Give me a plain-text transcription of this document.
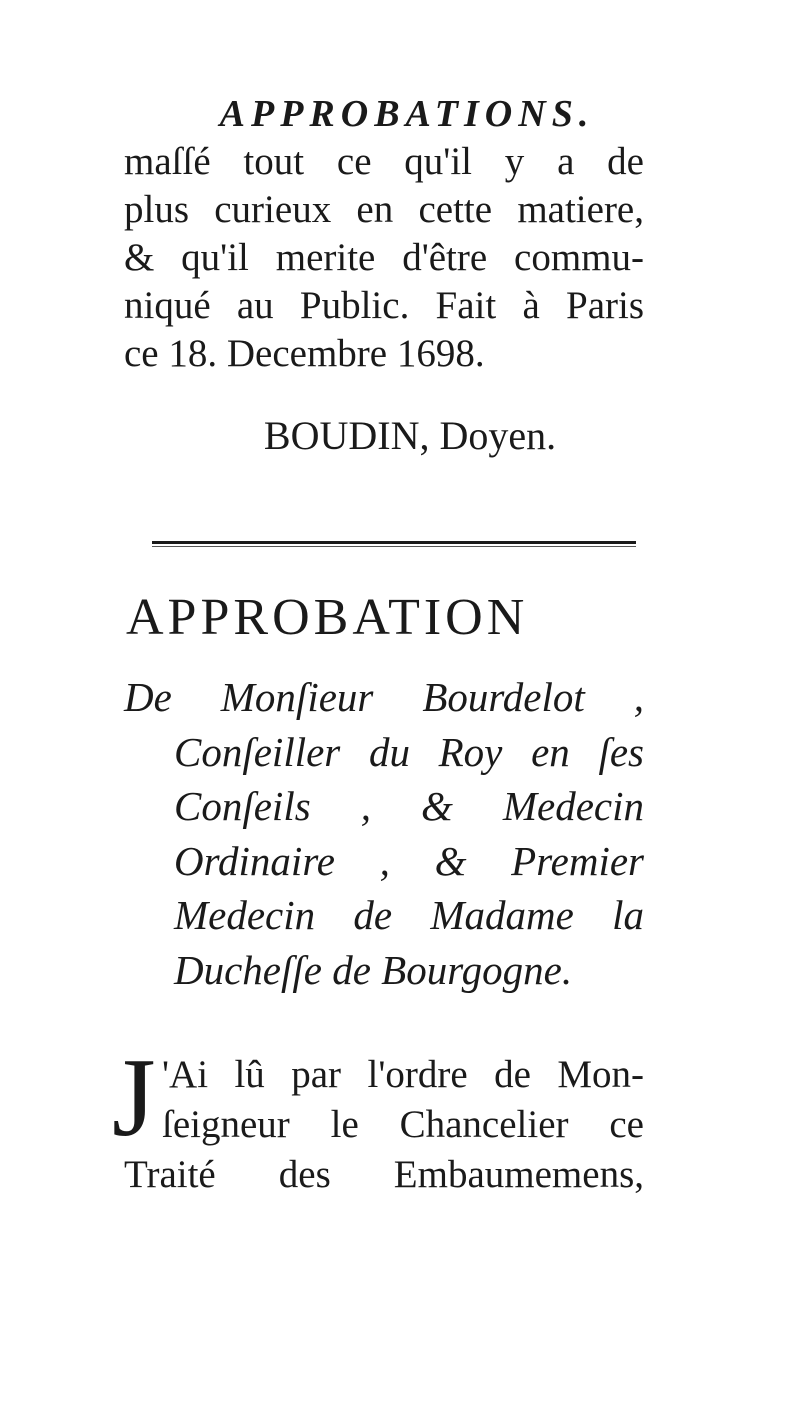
APPROBATIONS.
maſſé tout ce qu'il y a de
plus curieux en cette matiere,
& qu'il merite d'être commu-
niqué au Public. Fait à Paris
ce 18. Decembre 1698.
BOUDIN, Doyen.
APPROBATION
De Monſieur Bourdelot ,
Conſeiller du Roy en ſes
Conſeils , & Medecin
Ordinaire , & Premier
Medecin de Madame la
Ducheſſe de Bourgogne.
J 'Ai lû par l'ordre de Mon-
ſeigneur le Chancelier ce
Traité des Embaumemens,
